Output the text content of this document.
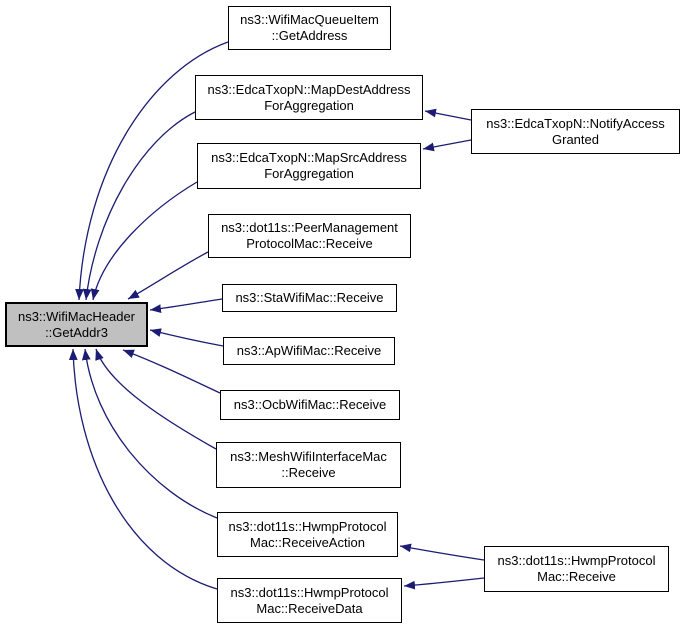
ns3::WifiMacHeader
::GetAddr3
ns3::WifiMacQueueItem
::GetAddress
ns3::EdcaTxopN::MapDestAddress
ForAggregation
ns3::EdcaTxopN::MapSrcAddress
ForAggregation
ns3::dot11s::PeerManagement
ProtocolMac::Receive
ns3::StaWifiMac::Receive
ns3::ApWifiMac::Receive
ns3::OcbWifiMac::Receive
ns3::MeshWifiInterfaceMac
::Receive
ns3::dot11s::HwmpProtocol
Mac::ReceiveAction
ns3::dot11s::HwmpProtocol
Mac::ReceiveData
ns3::EdcaTxopN::NotifyAccess
Granted
ns3::dot11s::HwmpProtocol
Mac::Receive
